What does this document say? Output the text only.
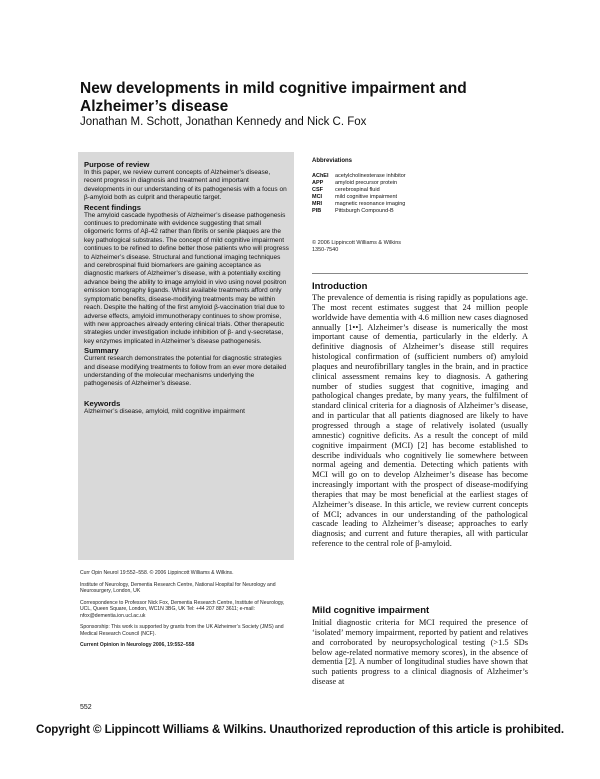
New developments in mild cognitive impairment and Alzheimer’s disease
Jonathan M. Schott, Jonathan Kennedy and Nick C. Fox
Purpose of review

In this paper, we review current concepts of Alzheimer’s disease, recent progress in diagnosis and treatment and important developments in our understanding of its pathogenesis with a focus on β-amyloid both as culprit and therapeutic target.

Recent findings

The amyloid cascade hypothesis of Alzheimer’s disease pathogenesis continues to predominate with evidence suggesting that small oligomeric forms of Aβ-42 rather than fibrils or senile plaques are the key pathological substrates. The concept of mild cognitive impairment continues to be refined to define better those patients who will progress to Alzheimer’s disease. Structural and functional imaging techniques and cerebrospinal fluid biomarkers are gaining acceptance as diagnostic markers of Alzheimer’s disease, with a potentially exciting advance being the ability to image amyloid in vivo using novel positron emission tomography ligands. Whilst available treatments afford only symptomatic benefits, disease-modifying treatments may be within reach. Despite the halting of the first amyloid β-vaccination trial due to adverse effects, amyloid immunotherapy continues to show promise, with new approaches already entering clinical trials. Other therapeutic strategies under investigation include inhibition of β- and γ-secretase, key enzymes implicated in Alzheimer’s disease pathogenesis.

Summary

Current research demonstrates the potential for diagnostic strategies and disease modifying treatments to follow from an ever more detailed understanding of the molecular mechanisms underlying the pathogenesis of Alzheimer’s disease.

Keywords

Alzheimer’s disease, amyloid, mild cognitive impairment

Curr Opin Neurol 19:552–558. © 2006 Lippincott Williams & Wilkins.

Institute of Neurology, Dementia Research Centre, National Hospital for Neurology and Neurosurgery, London, UK

Correspondence to Professor Nick Fox, Dementia Research Centre, Institute of Neurology, UCL, Queen Square, London, WC1N 3BG, UK Tel: +44 207 887 3611; e-mail: nfox@dementia.ion.ucl.ac.uk

Sponsorship: This work is supported by grants from the UK Alzheimer’s Society (JMS) and Medical Research Council (NCF).

Current Opinion in Neurology 2006, 19:552–558

Abbreviations
AChEI	acetylcholinesterase inhibitor
APP	amyloid precursor protein
CSF	cerebrospinal fluid
MCI	mild cognitive impairment
MRI	magnetic resonance imaging
PIB	Pittsburgh Compound-B
© 2006 Lippincott Williams & Wilkins
1350-7540
Introduction
The prevalence of dementia is rising rapidly as populations age. The most recent estimates suggest that 24 million people worldwide have dementia with 4.6 million new cases diagnosed annually [1••]. Alzheimer’s disease is numerically the most important cause of dementia, particularly in the elderly. A definitive diagnosis of Alzheimer’s disease still requires histological confirmation of (sufficient numbers of) amyloid plaques and neurofibrillary tangles in the brain, and in practice clinical assessment remains key to diagnosis. A gathering number of studies suggest that cognitive, imaging and pathological changes predate, by many years, the fulfilment of standard clinical criteria for a diagnosis of Alzheimer’s disease, and in particular that all patients diagnosed are likely to have progressed through a stage of relatively isolated (usually amnestic) cognitive deficits. As a result the concept of mild cognitive impairment (MCI) [2] has become established to describe individuals who cognitively lie somewhere between normal ageing and dementia. Detecting which patients with MCI will go on to develop Alzheimer’s disease has become increasingly important with the prospect of disease-modifying therapies that may be most beneficial at the earliest stages of Alzheimer’s disease. In this article, we review current concepts of MCI; advances in our understanding of the pathological cascade leading to Alzheimer’s disease; approaches to early diagnosis; and current and future therapies, all with particular reference to the central role of β-amyloid.
Mild cognitive impairment
Initial diagnostic criteria for MCI required the presence of ‘isolated’ memory impairment, reported by patient and relatives and corroborated by neuropsychological testing (>1.5 SDs below age-related normative memory scores), in the absence of dementia [2]. A number of longitudinal studies have shown that such patients progress to a clinical diagnosis of Alzheimer’s disease at
552
Copyright © Lippincott Williams & Wilkins. Unauthorized reproduction of this article is prohibited.
